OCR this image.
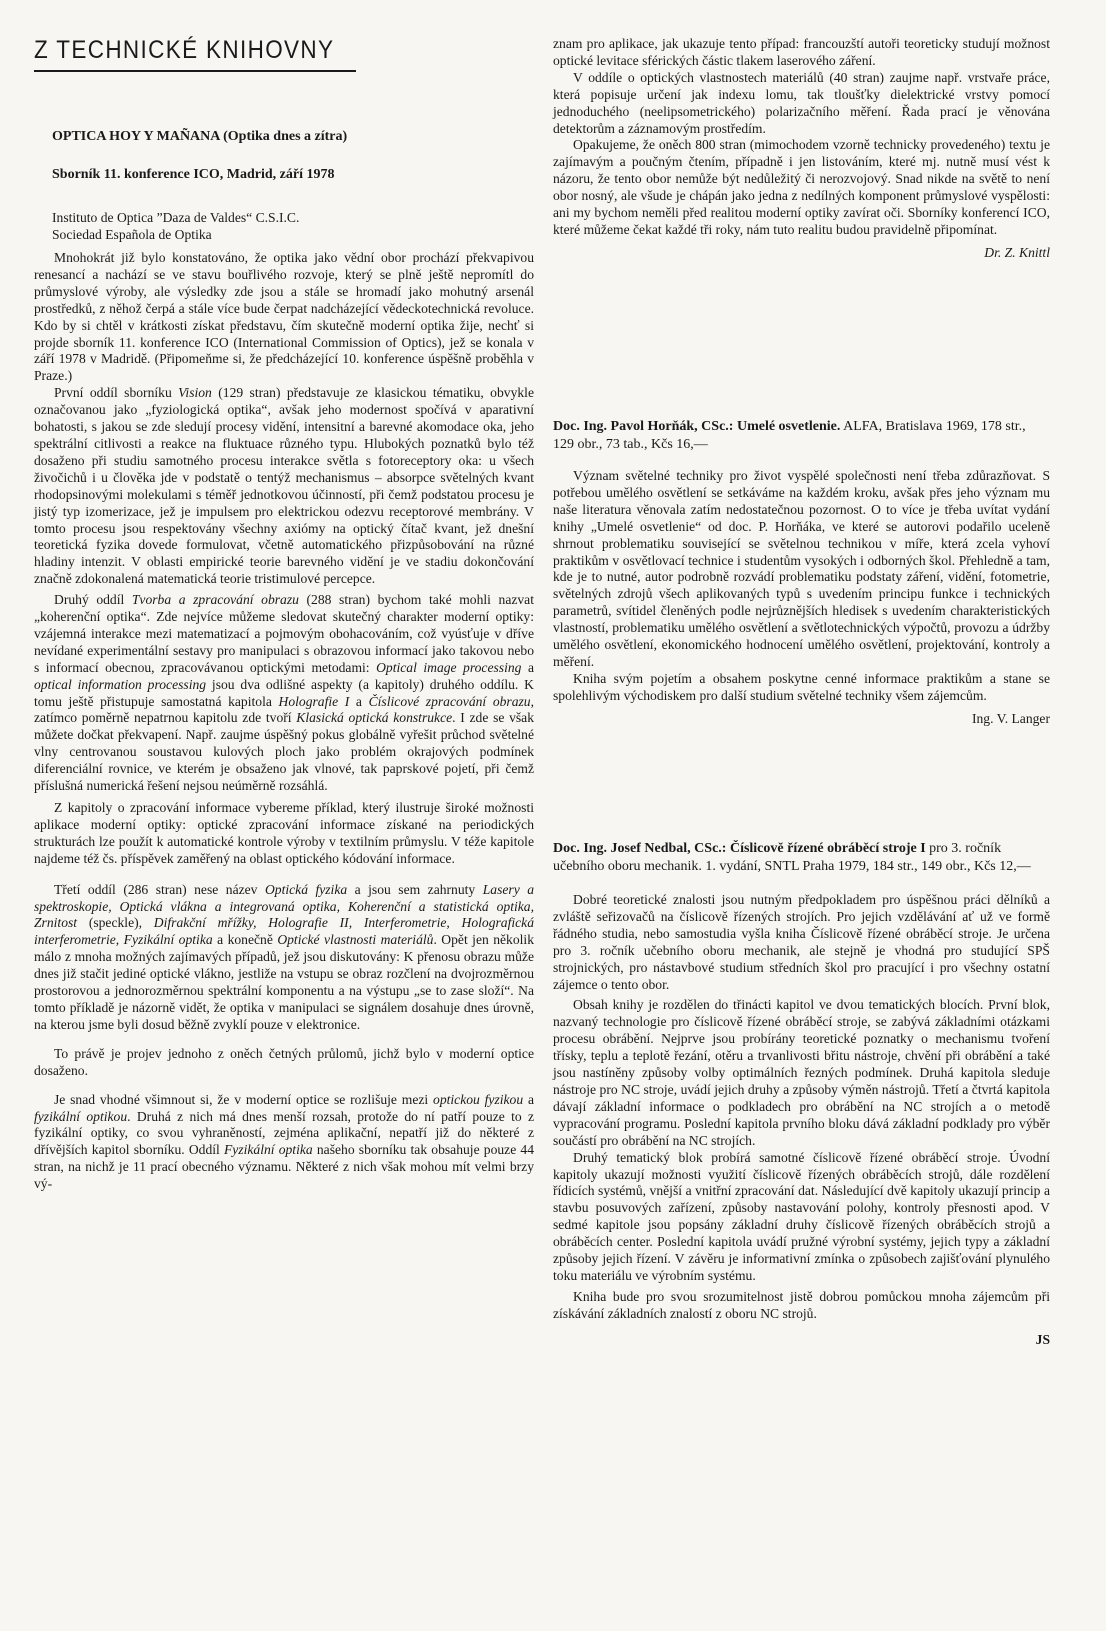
Z TECHNICKÉ KNIHOVNY

OPTICA HOY Y MAÑANA (Optika dnes a zítra)

Sborník 11. konference ICO, Madrid, září 1978

Instituto de Optica ”Daza de Valdes“ C.S.I.C.

Sociedad Española de Optika

Mnohokrát již bylo konstatováno, že optika jako vědní obor prochází překvapivou renesancí a nachází se ve stavu bouřlivého rozvoje, který se plně ještě nepromítl do průmyslové výroby, ale výsledky zde jsou a stále se hromadí jako mohutný arsenál prostředků, z něhož čerpá a stále více bude čerpat nadcházející vědeckotechnická revoluce. Kdo by si chtěl v krátkosti získat představu, čím skutečně moderní optika žije, nechť si projde sborník 11. konference ICO (International Commission of Optics), jež se konala v září 1978 v Madridě. (Připomeňme si, že předcházející 10. konference úspěšně proběhla v Praze.)

První oddíl sborníku Vision (129 stran) představuje ze klasickou tématiku, obvykle označovanou jako „fyziologická optika“, avšak jeho modernost spočívá v aparativní bohatosti, s jakou se zde sledují procesy vidění, intensitní a barevné akomodace oka, jeho spektrální citlivosti a reakce na fluktuace různého typu. Hlubokých poznatků bylo též dosaženo při studiu samotného procesu interakce světla s fotoreceptory oka: u všech živočichů i u člověka jde v podstatě o tentýž mechanismus – absorpce světelných kvant rhodopsinovými molekulami s téměř jednotkovou účinností, při čemž podstatou procesu je jistý typ izomerizace, jež je impulsem pro elektrickou odezvu receptorové membrány. V tomto procesu jsou respektovány všechny axiómy na optický čítač kvant, jež dnešní teoretická fyzika dovede formulovat, včetně automatického přizpůsobování na různé hladiny intenzit. V oblasti empirické teorie barevného vidění je ve stadiu dokončování značně zdokonalená matematická teorie tristimulové percepce.

Druhý oddíl Tvorba a zpracování obrazu (288 stran) bychom také mohli nazvat „koherenční optika“. Zde nejvíce můžeme sledovat skutečný charakter moderní optiky: vzájemná interakce mezi matematizací a pojmovým obohacováním, což vyúsťuje v dříve nevídané experimentální sestavy pro manipulaci s obrazovou informací jako takovou nebo s informací obecnou, zpracovávanou optickými metodami: Optical image processing a optical information processing jsou dva odlišné aspekty (a kapitoly) druhého oddílu. K tomu ještě přistupuje samostatná kapitola Holografie I a Číslicové zpracování obrazu, zatímco poměrně nepatrnou kapitolu zde tvoří Klasická optická konstrukce. I zde se však můžete dočkat překvapení. Např. zaujme úspěšný pokus globálně vyřešit průchod světelné vlny centrovanou soustavou kulových ploch jako problém okrajových podmínek diferenciální rovnice, ve kterém je obsaženo jak vlnové, tak paprskové pojetí, při čemž příslušná numerická řešení nejsou neúměrně rozsáhlá.

Z kapitoly o zpracování informace vybereme příklad, který ilustruje široké možnosti aplikace moderní optiky: optické zpracování informace získané na periodických strukturách lze použít k automatické kontrole výroby v textilním průmyslu. V téže kapitole najdeme též čs. příspěvek zaměřený na oblast optického kódování informace.

Třetí oddíl (286 stran) nese název Optická fyzika a jsou sem zahrnuty Lasery a spektroskopie, Optická vlákna a integrovaná optika, Koherenční a statistická optika, Zrnitost (speckle), Difrakční mřížky, Holografie II, Interferometrie, Holografická interferometrie, Fyzikální optika a konečně Optické vlastnosti materiálů. Opět jen několik málo z mnoha možných zajímavých případů, jež jsou diskutovány: K přenosu obrazu může dnes již stačit jediné optické vlákno, jestliže na vstupu se obraz rozčlení na dvojrozměrnou prostorovou a jednorozměrnou spektrální komponentu a na výstupu „se to zase složí“. Na tomto příkladě je názorně vidět, že optika v manipulaci se signálem dosahuje dnes úrovně, na kterou jsme byli dosud běžně zvyklí pouze v elektronice.

To právě je projev jednoho z oněch četných průlomů, jichž bylo v moderní optice dosaženo.

Je snad vhodné všimnout si, že v moderní optice se rozlišuje mezi optickou fyzikou a fyzikální optikou. Druhá z nich má dnes menší rozsah, protože do ní patří pouze to z fyzikální optiky, co svou vyhraněností, zejména aplikační, nepatří již do některé z dřívějších kapitol sborníku. Oddíl Fyzikální optika našeho sborníku tak obsahuje pouze 44 stran, na nichž je 11 prací obecného významu. Některé z nich však mohou mít velmi brzy vý-

znam pro aplikace, jak ukazuje tento případ: francouzští autoři teoreticky studují možnost optické levitace sférických částic tlakem laserového záření.

V oddíle o optických vlastnostech materiálů (40 stran) zaujme např. vrstvaře práce, která popisuje určení jak indexu lomu, tak tloušťky dielektrické vrstvy pomocí jednoduchého (neelipsometrického) polarizačního měření. Řada prací je věnována detektorům a záznamovým prostředím.

Opakujeme, že oněch 800 stran (mimochodem vzorně technicky provedeného) textu je zajímavým a poučným čtením, případně i jen listováním, které mj. nutně musí vést k názoru, že tento obor nemůže být nedůležitý či nerozvojový. Snad nikde na světě to není obor nosný, ale všude je chápán jako jedna z nedílných komponent průmyslové vyspělosti: ani my bychom neměli před realitou moderní optiky zavírat oči. Sborníky konferencí ICO, které můžeme čekat každé tři roky, nám tuto realitu budou pravidelně připomínat.

Dr. Z. Knittl

Doc. Ing. Pavol Horňák, CSc.: Umelé osvetlenie. ALFA, Bratislava 1969, 178 str., 129 obr., 73 tab., Kčs 16,—

Význam světelné techniky pro život vyspělé společnosti není třeba zdůrazňovat. S potřebou umělého osvětlení se setkáváme na každém kroku, avšak přes jeho význam mu naše literatura věnovala zatím nedostatečnou pozornost. O to více je třeba uvítat vydání knihy „Umelé osvetlenie“ od doc. P. Horňáka, ve které se autorovi podařilo uceleně shrnout problematiku související se světelnou technikou v míře, která zcela vyhoví praktikům v osvětlovací technice i studentům vysokých i odborných škol. Přehledně a tam, kde je to nutné, autor podrobně rozvádí problematiku podstaty záření, vidění, fotometrie, světelných zdrojů všech aplikovaných typů s uvedením principu funkce i technických parametrů, svítidel členěných podle nejrůznějších hledisek s uvedením charakteristických vlastností, problematiku umělého osvětlení a světlotechnických výpočtů, provozu a údržby umělého osvětlení, ekonomického hodnocení umělého osvětlení, projektování, kontroly a měření.

Kniha svým pojetím a obsahem poskytne cenné informace praktikům a stane se spolehlivým východiskem pro další studium světelné techniky všem zájemcům.

Ing. V. Langer

Doc. Ing. Josef Nedbal, CSc.: Číslicově řízené obráběcí stroje I pro 3. ročník učebního oboru mechanik. 1. vydání, SNTL Praha 1979, 184 str., 149 obr., Kčs 12,—

Dobré teoretické znalosti jsou nutným předpokladem pro úspěšnou práci dělníků a zvláště seřizovačů na číslicově řízených strojích. Pro jejich vzdělávání ať už ve formě řádného studia, nebo samostudia vyšla kniha Číslicově řízené obráběcí stroje. Je určena pro 3. ročník učebního oboru mechanik, ale stejně je vhodná pro studující SPŠ strojnických, pro nástavbové studium středních škol pro pracující i pro všechny ostatní zájemce o tento obor.

Obsah knihy je rozdělen do třinácti kapitol ve dvou tematických blocích. První blok, nazvaný technologie pro číslicově řízené obráběcí stroje, se zabývá základními otázkami procesu obrábění. Nejprve jsou probírány teoretické poznatky o mechanismu tvoření třísky, teplu a teplotě řezání, otěru a trvanlivosti břitu nástroje, chvění při obrábění a také jsou nastíněny způsoby volby optimálních řezných podmínek. Druhá kapitola sleduje nástroje pro NC stroje, uvádí jejich druhy a způsoby výměn nástrojů. Třetí a čtvrtá kapitola dávají základní informace o podkladech pro obrábění na NC strojích a o metodě vypracování programu. Poslední kapitola prvního bloku dává základní podklady pro výběr součástí pro obrábění na NC strojích.

Druhý tematický blok probírá samotné číslicově řízené obráběcí stroje. Úvodní kapitoly ukazují možnosti využití číslicově řízených obráběcích strojů, dále rozdělení řídicích systémů, vnější a vnitřní zpracování dat. Následující dvě kapitoly ukazují princip a stavbu posuvových zařízení, způsoby nastavování polohy, kontroly přesnosti apod. V sedmé kapitole jsou popsány základní druhy číslicově řízených obráběcích strojů a obráběcích center. Poslední kapitola uvádí pružné výrobní systémy, jejich typy a základní způsoby jejich řízení. V závěru je informativní zmínka o způsobech zajišťování plynulého toku materiálu ve výrobním systému.

Kniha bude pro svou srozumitelnost jistě dobrou pomůckou mnoha zájemcům při získávání základních znalostí z oboru NC strojů.

JS
